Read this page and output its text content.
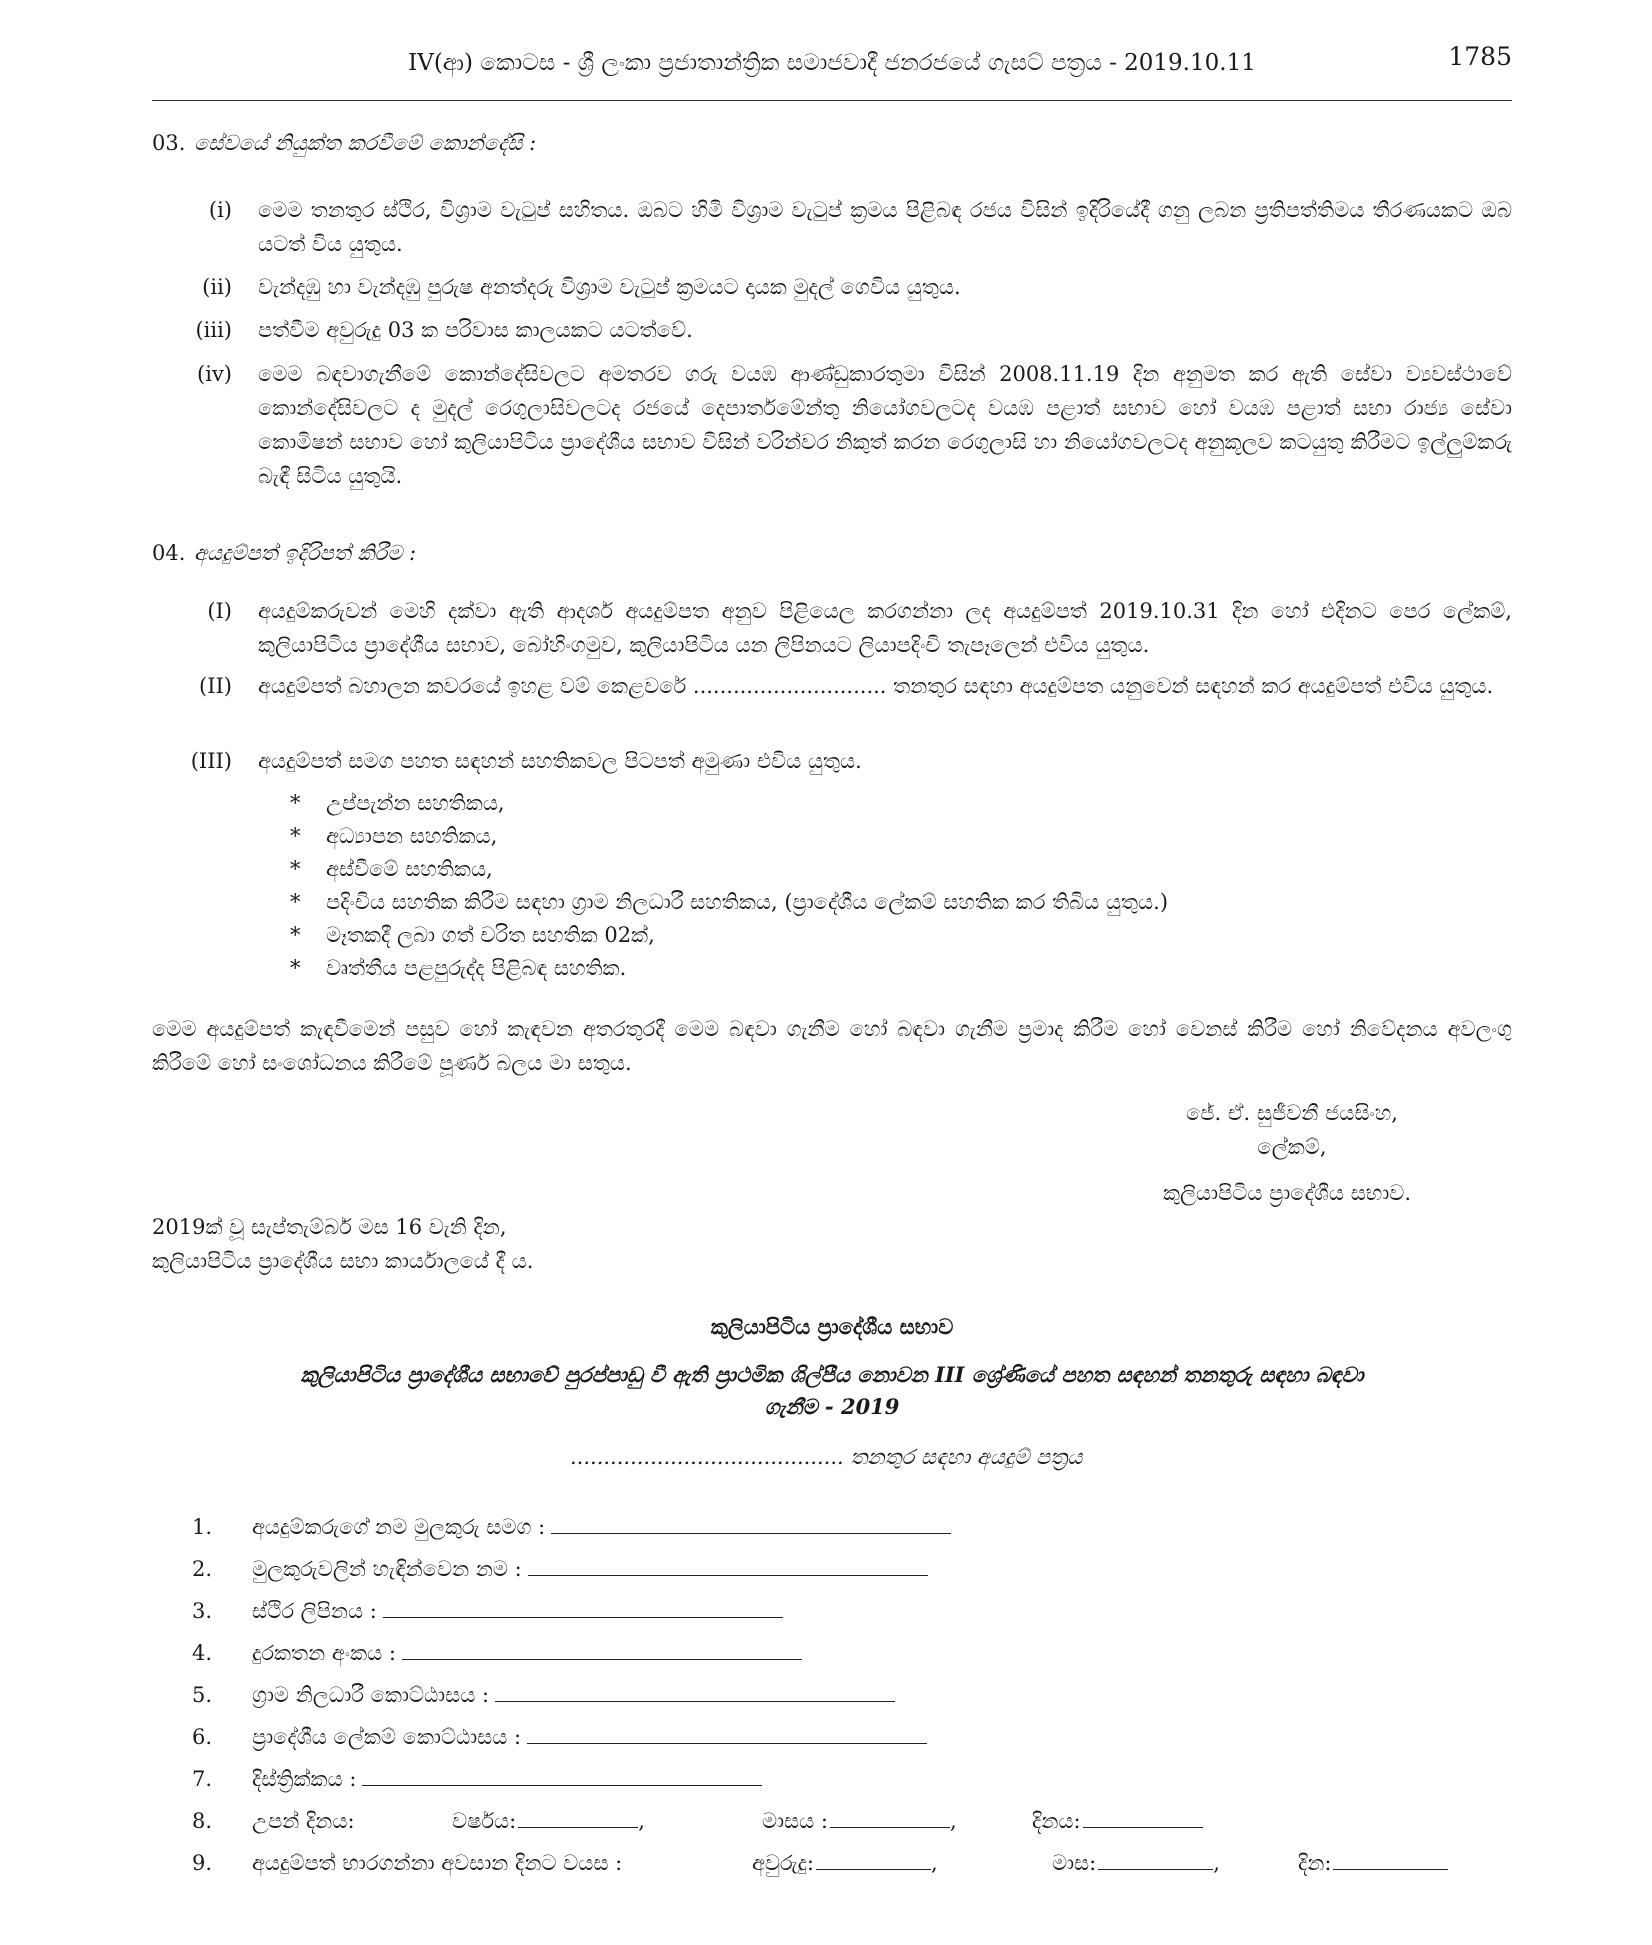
IV(ආ) කොටස - ශ්‍රී ලංකා ප්‍රජාතාන්ත්‍රික සමාජවාදී ජනරජයේ ගැසට් පත්‍රය - 2019.10.11	1785
03. සේවයේ නියුක්ත කරවීමේ කොන්දේසි :
(i) මෙම තනතුර ස්ථිර, විශ්‍රාම වැටුප් සහිතය. ඔබට හිමි විශ්‍රාම වැටුප් ක්‍රමය පිළිබඳ රජය විසින් ඉදිරියේදී ගනු ලබන ප්‍රතිපත්තිමය තීරණයකට ඔබ යටත් විය යුතුය.
(ii) වැන්දඹු හා වැන්දඹු පුරුෂ අනත්දරු විශ්‍රාම වැටුප් ක්‍රමයට දායක මුදල් ගෙවිය යුතුය.
(iii) පත්වීම අවුරුදු 03 ක පරිවාස කාලයකට යටත්වේ.
(iv) මෙම බඳවාගැනීමේ කොන්දේසිවලට අමතරව ගරු වයඹ ආණ්ඩුකාරතුමා විසින් 2008.11.19 දින අනුමත කර ඇති සේවා ව්‍යවස්ථාවේ කොන්දේසිවලට ද මුදල් රෙගුලාසිවලටද රජයේ දෙපාර්තමේන්තු නියෝගවලටද වයඹ පළාත් සභාව හෝ වයඹ පළාත් සභා රාජ්‍ය සේවා කොමිෂන් සභාව හෝ කුලියාපිටිය ප්‍රාදේශීය සභාව විසින් වරින්වර නිකුත් කරන රෙගුලාසි හා නියෝගවලටද අනුකූලව කටයුතු කිරීමට ඉල්ලුම්කරු බැඳී සිටිය යුතුයි.
04. අයදුම්පත් ඉදිරිපත් කිරීම :
(I) අයදුම්කරුවන් මෙහි දක්වා ඇති ආදර්ශ අයදුම්පත අනුව පිළියෙල කරගන්නා ලද අයදුම්පත් 2019.10.31 දින හෝ එදිනට පෙර ලේකම්, කුලියාපිටිය ප්‍රාදේශීය සභාව, බෝහිංගමුව, කුලියාපිටිය යන ලිපිනයට ලියාපදිංචි තැපෑලෙන් එවිය යුතුය.
(II) අයදුම්පත් බහාලන කවරයේ ඉහළ වම් කෙළවරේ ............................. තනතුර සඳහා අයදුම්පත යනුවෙන් සඳහන් කර අයදුම්පත් එවිය යුතුය.
(III) අයදුම්පත් සමග පහත සඳහන් සහතිකවල පිටපත් අමුණා එවිය යුතුය.
* උප්පැන්න සහතිකය,
* අධ්‍යාපන සහතිකය,
* අස්වීමේ සහතිකය,
* පදිංචිය සහතික කිරීම සඳහා ග්‍රාම නිලධාරී සහතිකය, (ප්‍රාදේශීය ලේකම් සහතික කර තිබිය යුතුය.)
* මෑතකදී ලබා ගත් චරිත සහතික 02ක්,
* වෘත්තීය පළපුරුද්ද පිළිබඳ සහතික.
මෙම අයදුම්පත් කැඳවීමෙන් පසුව හෝ කැඳවන අතරතුරදී මෙම බඳවා ගැනීම හෝ බඳවා ගැනීම ප්‍රමාද කිරීම හෝ වෙනස් කිරීම හෝ නිවේදනය අවලංගු කිරීමේ හෝ සංශෝධනය කිරීමේ පූර්ණ බලය මා සතුය.
ජේ. ඒ. සුජීවනී ජයසිංහ,
ලේකම්,
කුලියාපිටිය ප්‍රාදේශීය සභාව.
2019ක් වූ සැප්තැම්බර් මස 16 වැනි දින,
කුලියාපිටිය ප්‍රාදේශීය සභා කාර්යාලයේ දී ය.
කුලියාපිටිය ප්‍රාදේශීය සභාව
කුලියාපිටිය ප්‍රාදේශීය සභාවේ පුරප්පාඩු වී ඇති ප්‍රාථමික ශිල්පීය නොවන III ශ්‍රේණියේ පහත සඳහන් තනතුරු සඳහා බඳවා
ගැනීම - 2019
......................................... තනතුර සඳහා අයදුම් පත්‍රය
1. අයදුම්කරුගේ නම මුලකුරු සමග :
2. මුලකුරුවලින් හැඳින්වෙන නම :
3. ස්ථිර ලිපිනය :
4. දුරකතන අංකය :
5. ග්‍රාම නිලධාරී කොට්ඨාසය :
6. ප්‍රාදේශීය ලේකම් කොට්ඨාසය :
7. දිස්ත්‍රික්කය :
8. උපන් දිනය:	වර්ෂය:	,	මාසය :	,	දිනය:
9. අයදුම්පත් භාරගන්නා අවසාන දිනට වයස :	අවුරුදු:	,	මාස:	,	දින:
